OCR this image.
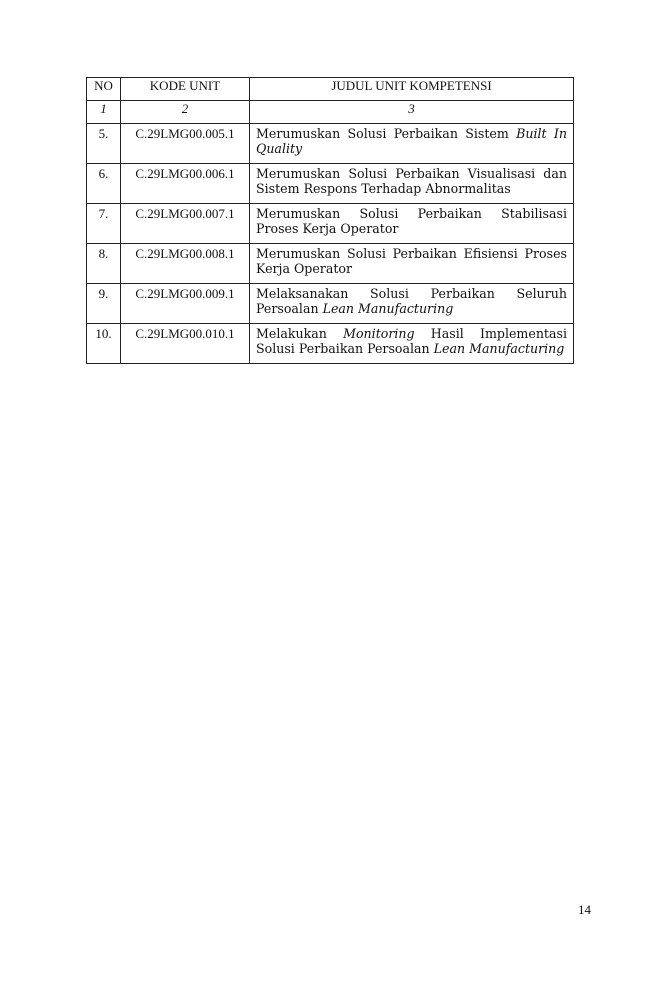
NO	KODE UNIT	JUDUL UNIT KOMPETENSI
1	2	3
5.	C.29LMG00.005.1	Merumuskan Solusi Perbaikan Sistem Built In Quality
6.	C.29LMG00.006.1	Merumuskan Solusi Perbaikan Visualisasi dan Sistem Respons Terhadap Abnormalitas
7.	C.29LMG00.007.1	Merumuskan Solusi Perbaikan Stabilisasi Proses Kerja Operator
8.	C.29LMG00.008.1	Merumuskan Solusi Perbaikan Efisiensi Proses Kerja Operator
9.	C.29LMG00.009.1	Melaksanakan Solusi Perbaikan Seluruh Persoalan Lean Manufacturing
10.	C.29LMG00.010.1	Melakukan Monitoring Hasil Implementasi Solusi Perbaikan Persoalan Lean Manufacturing
14
